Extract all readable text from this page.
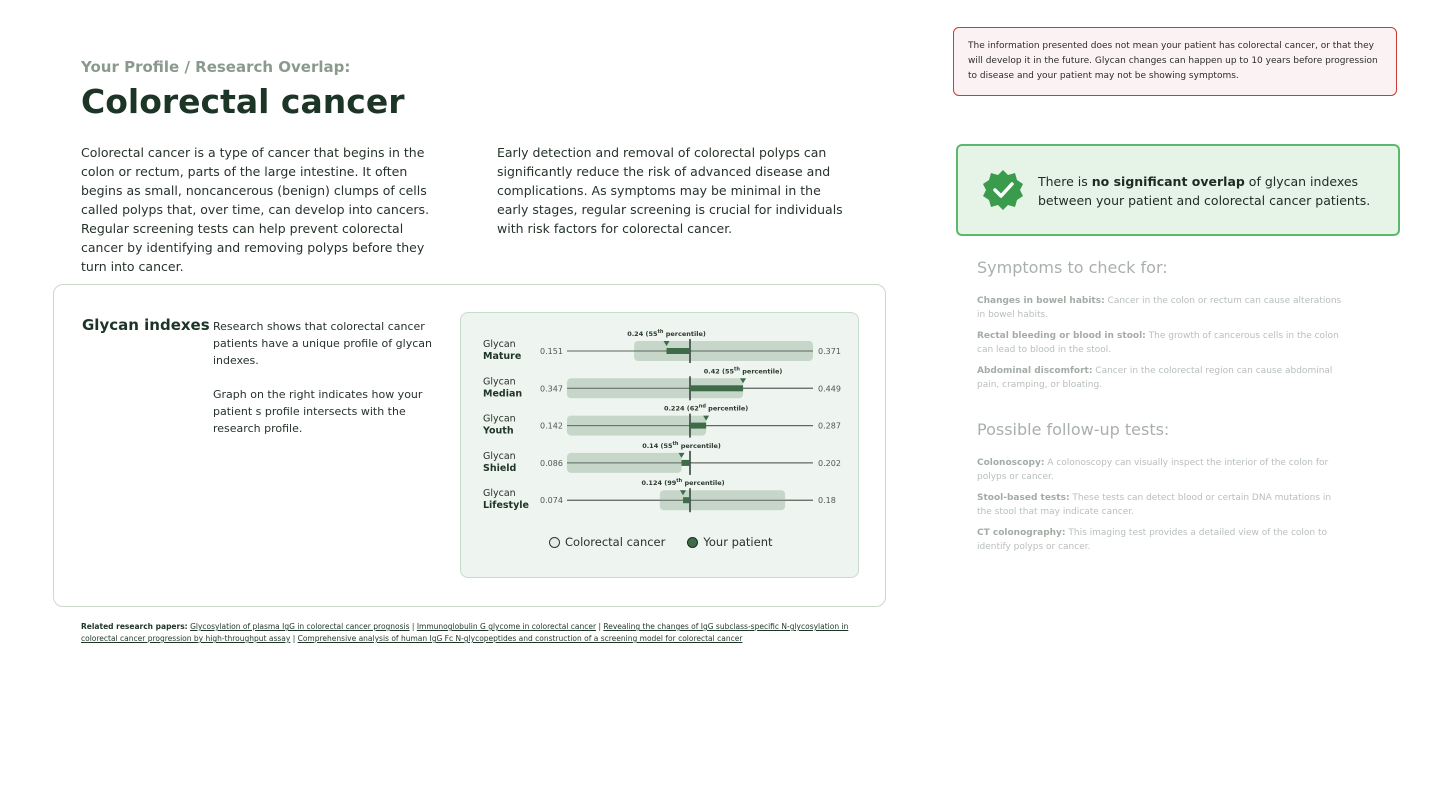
Your Profile / Research Overlap:
Colorectal cancer

Colorectal cancer is a type of cancer that begins in the colon or rectum, parts of the large intestine. It often begins as small, noncancerous (benign) clumps of cells called polyps that, over time, can develop into cancers. Regular screening tests can help prevent colorectal cancer by identifying and removing polyps before they turn into cancer.

Early detection and removal of colorectal polyps can significantly reduce the risk of advanced disease and complications. As symptoms may be minimal in the early stages, regular screening is crucial for individuals with risk factors for colorectal cancer.

Glycan indexes Research shows that colorectal cancer patients have a unique profile of glycan indexes.

Graph on the right indicates how your patient s profile intersects with the research profile.

Glycan
Mature 0.151	0.371
0.24 (55th percentile)
Glycan
Median 0.347	0.449
0.42 (55th percentile)
Glycan
Youth	0.142	0.287
0.224 (62nd percentile)
Glycan
Shield	0.086	0.202
0.14 (55th percentile)
Glycan
Lifestyle 0.074	0.18
0.124 (99th percentile)
Colorectal cancer	Your patient
Related research papers: Glycosylation of plasma IgG in colorectal cancer prognosis | Immunoglobulin G glycome in colorectal cancer | Revealing the changes of IgG subclass-specific N-glycosylation in colorectal cancer progression by high-throughput assay | Comprehensive analysis of human IgG Fc N-glycopeptides and construction of a screening model for colorectal cancer
The information presented does not mean your patient has colorectal cancer, or that they will develop it in the future. Glycan changes can happen up to 10 years before progression to disease and your patient may not be showing symptoms.
There is no significant overlap of glycan indexes between your patient and colorectal cancer patients.
Symptoms to check for:
Changes in bowel habits: Cancer in the colon or rectum can cause alterations in bowel habits.
Rectal bleeding or blood in stool: The growth of cancerous cells in the colon can lead to blood in the stool.
Abdominal discomfort: Cancer in the colorectal region can cause abdominal pain, cramping, or bloating.
Possible follow-up tests:
Colonoscopy: A colonoscopy can visually inspect the interior of the colon for polyps or cancer.
Stool-based tests: These tests can detect blood or certain DNA mutations in the stool that may indicate cancer.
CT colonography: This imaging test provides a detailed view of the colon to identify polyps or cancer.
